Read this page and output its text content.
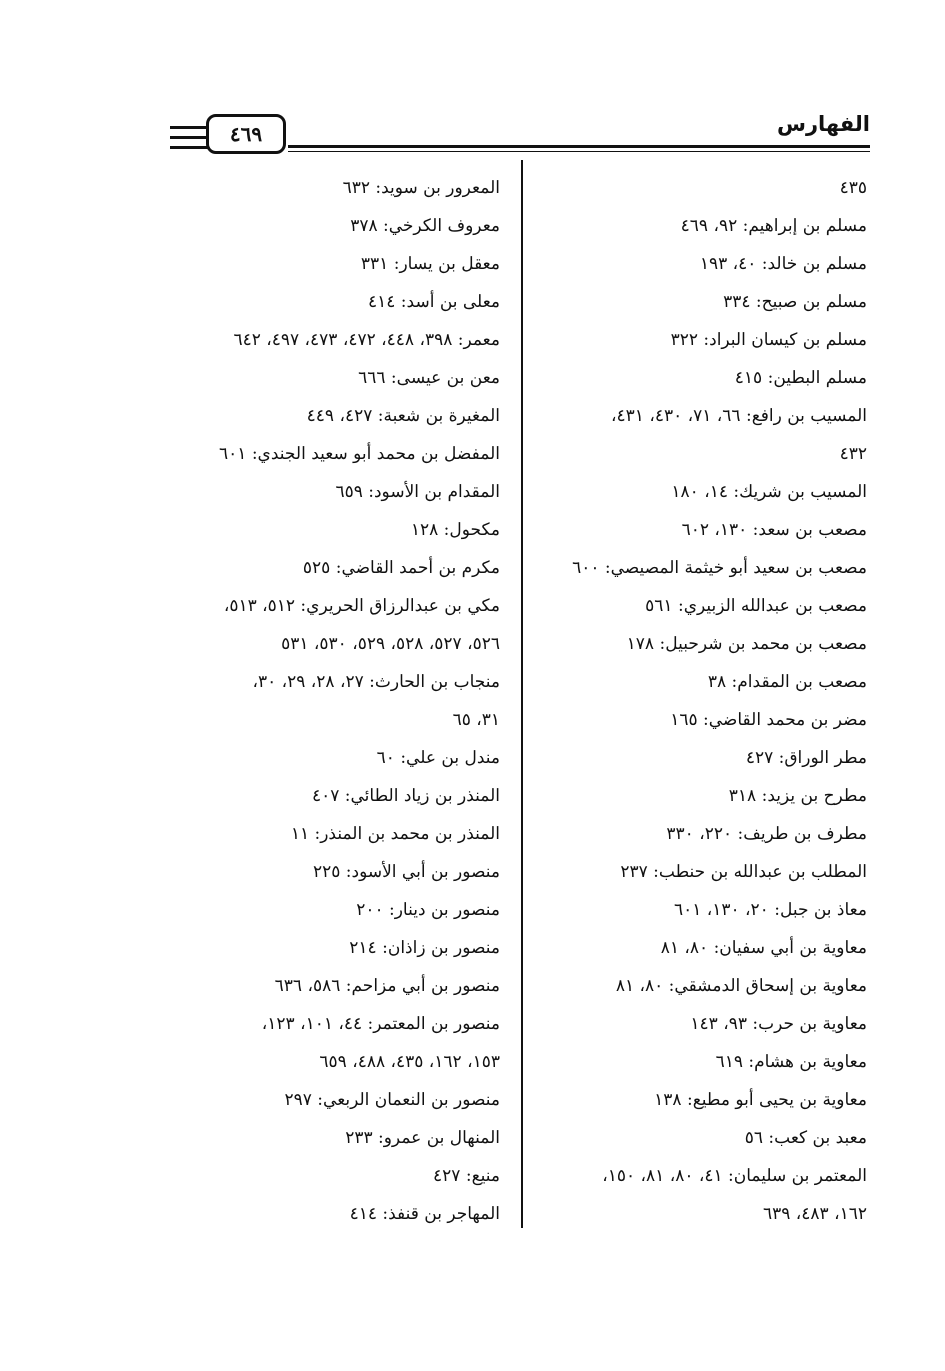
الفهارس
٤٦٩
٤٣٥
مسلم بن إبراهيم: ٩٢، ٤٦٩
مسلم بن خالد: ٤٠، ١٩٣
مسلم بن صبيح: ٣٣٤
مسلم بن كيسان البراد: ٣٢٢
مسلم البطين: ٤١٥
المسيب بن رافع: ٦٦، ٧١، ٤٣٠، ٤٣١،
٤٣٢
المسيب بن شريك: ١٤، ١٨٠
مصعب بن سعد: ١٣٠، ٦٠٢
مصعب بن سعيد أبو خيثمة المصيصي: ٦٠٠
مصعب بن عبدالله الزبيري: ٥٦١
مصعب بن محمد بن شرحبيل: ١٧٨
مصعب بن المقدام: ٣٨
مضر بن محمد القاضي: ١٦٥
مطر الوراق: ٤٢٧
مطرح بن يزيد: ٣١٨
مطرف بن طريف: ٢٢٠، ٣٣٠
المطلب بن عبدالله بن حنطب: ٢٣٧
معاذ بن جبل: ٢٠، ١٣٠، ٦٠١
معاوية بن أبي سفيان: ٨٠، ٨١
معاوية بن إسحاق الدمشقي: ٨٠، ٨١
معاوية بن حرب: ٩٣، ١٤٣
معاوية بن هشام: ٦١٩
معاوية بن يحيى أبو مطيع: ١٣٨
معبد بن كعب: ٥٦
المعتمر بن سليمان: ٤١، ٨٠، ٨١، ١٥٠،
١٦٢، ٤٨٣، ٦٣٩
المعرور بن سويد: ٦٣٢
معروف الكرخي: ٣٧٨
معقل بن يسار: ٣٣١
معلى بن أسد: ٤١٤
معمر: ٣٩٨، ٤٤٨، ٤٧٢، ٤٧٣، ٤٩٧، ٦٤٢
معن بن عيسى: ٦٦٦
المغيرة بن شعبة: ٤٢٧، ٤٤٩
المفضل بن محمد أبو سعيد الجندي: ٦٠١
المقدام بن الأسود: ٦٥٩
مكحول: ١٢٨
مكرم بن أحمد القاضي: ٥٢٥
مكي بن عبدالرزاق الحريري: ٥١٢، ٥١٣،
٥٢٦، ٥٢٧، ٥٢٨، ٥٢٩، ٥٣٠، ٥٣١
منجاب بن الحارث: ٢٧، ٢٨، ٢٩، ٣٠،
٣١، ٦٥
مندل بن علي: ٦٠
المنذر بن زياد الطائي: ٤٠٧
المنذر بن محمد بن المنذر: ١١
منصور بن أبي الأسود: ٢٢٥
منصور بن دينار: ٢٠٠
منصور بن زاذان: ٢١٤
منصور بن أبي مزاحم: ٥٨٦، ٦٣٦
منصور بن المعتمر: ٤٤، ١٠١، ١٢٣،
١٥٣، ١٦٢، ٤٣٥، ٤٨٨، ٦٥٩
منصور بن النعمان الربعي: ٢٩٧
المنهال بن عمرو: ٢٣٣
منيع: ٤٢٧
المهاجر بن قنفذ: ٤١٤
